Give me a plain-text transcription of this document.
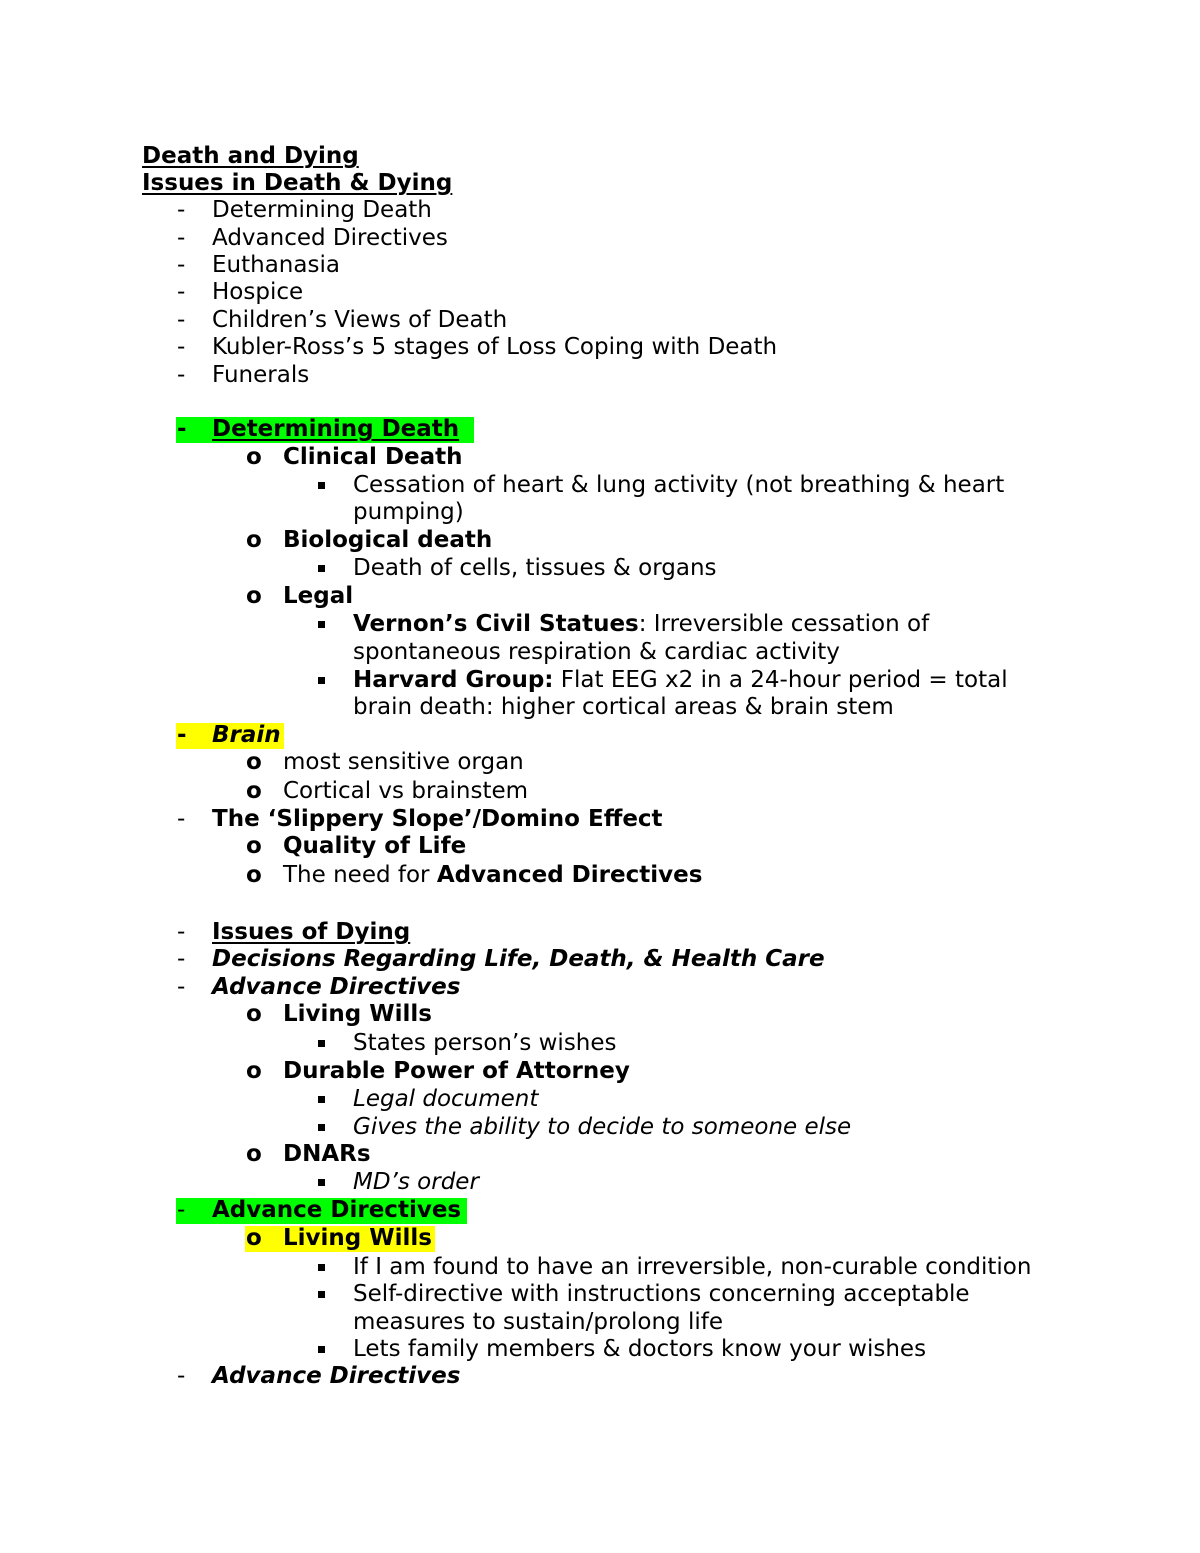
Death and Dying
Issues in Death & Dying
- Determining Death
- Advanced Directives
- Euthanasia
- Hospice
- Children’s Views of Death
- Kubler-Ross’s 5 stages of Loss Coping with Death
- Funerals
- Determining Death
o Clinical Death
Cessation of heart & lung activity (not breathing & heart
pumping)
o Biological death
Death of cells, tissues & organs
o Legal
Vernon’s Civil Statues: Irreversible cessation of
spontaneous respiration & cardiac activity
Harvard Group: Flat EEG x2 in a 24-hour period = total
brain death: higher cortical areas & brain stem
- Brain
o most sensitive organ
o Cortical vs brainstem
- The ‘Slippery Slope’/Domino Effect
o Quality of Life
o The need for Advanced Directives
- Issues of Dying
- Decisions Regarding Life, Death, & Health Care
- Advance Directives
o Living Wills
States person’s wishes
o Durable Power of Attorney
Legal document
Gives the ability to decide to someone else
o DNARs
MD’s order
- Advance Directives
o Living Wills
If I am found to have an irreversible, non-curable condition
Self-directive with instructions concerning acceptable
measures to sustain/prolong life
Lets family members & doctors know your wishes
- Advance Directives
